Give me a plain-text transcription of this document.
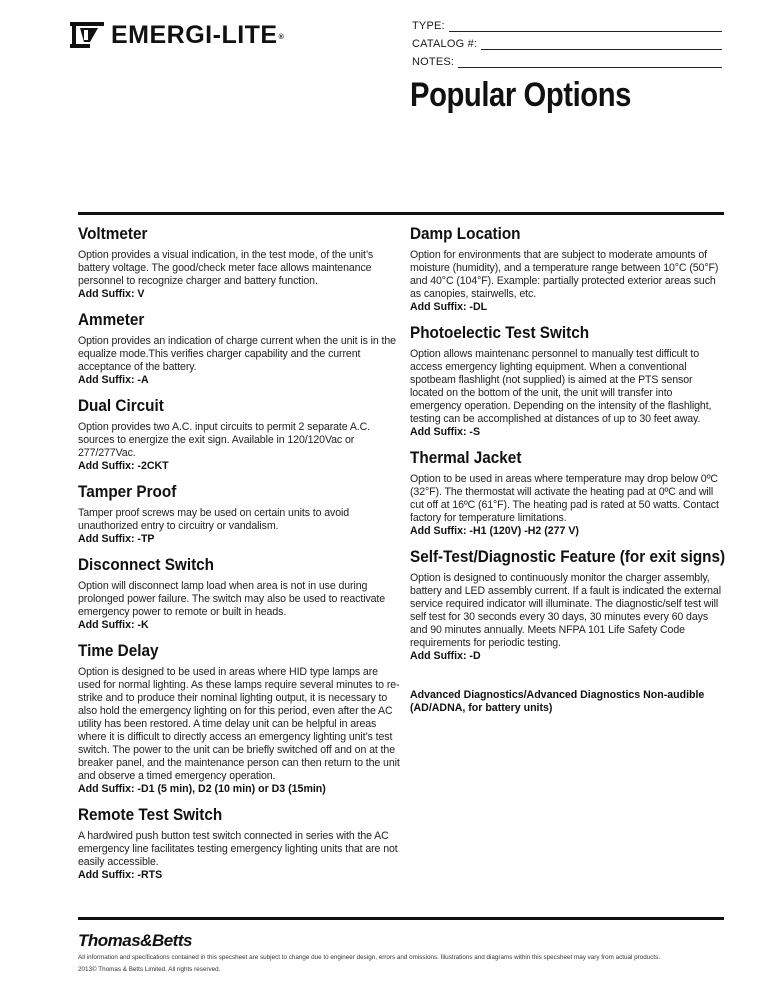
EMERGI-LITE®
TYPE:
CATALOG #:
NOTES:
Popular Options
Voltmeter

Option provides a visual indication, in the test mode, of the unit’s battery voltage. The good/check meter face allows maintenance personnel to recognize charger and battery function.

Add Suffix: V

Ammeter

Option provides an indication of charge current when the unit is in the equalize mode.This verifies charger capability and the current acceptance of the battery.

Add Suffix: -A

Dual Circuit

Option provides two A.C. input circuits to permit 2 separate A.C. sources to energize the exit sign. Available in 120/120Vac or 277/277Vac.

Add Suffix: -2CKT

Tamper Proof

Tamper proof screws may be used on certain units to avoid unauthorized entry to circuitry or vandalism.

Add Suffix: -TP

Disconnect Switch

Option will disconnect lamp load when area is not in use during prolonged power failure. The switch may also be used to reactivate emergency power to remote or built in heads.

Add Suffix: -K

Time Delay

Option is designed to be used in areas where HID type lamps are used for normal lighting. As these lamps require several minutes to re-strike and to produce their nominal lighting output, it is necessary to also hold the emergency lighting on for this period, even after the AC utility has been restored. A time delay unit can be helpful in areas where it is difficult to directly access an emergency lighting unit’s test switch. The power to the unit can be briefly switched off and on at the breaker panel, and the maintenance person can then return to the unit and observe a timed emergency operation.

Add Suffix: -D1 (5 min), D2 (10 min) or D3 (15min)

Remote Test Switch

A hardwired push button test switch connected in series with the AC emergency line facilitates testing emergency lighting units that are not easily accessible.

Add Suffix: -RTS

Damp Location

Option for environments that are subject to moderate amounts of moisture (humidity), and a temperature range between 10°C (50°F) and 40°C (104°F). Example: partially protected exterior areas such as canopies, stairwells, etc.

Add Suffix: -DL

Photoelectic Test Switch

Option allows maintenanc personnel to manually test difficult to access emergency lighting equipment. When a conventional spotbeam flashlight (not supplied) is aimed at the PTS sensor located on the bottom of the unit, the unit will transfer into emergency operation. Depending on the intensity of the flashlight, testing can be accomplished at distances of up to 30 feet away.

Add Suffix: -S

Thermal Jacket

Option to be used in areas where temperature may drop below 0ºC (32°F). The thermostat will activate the heating pad at 0ºC and will cut off at 16ºC (61°F). The heating pad is rated at 50 watts. Contact factory for temperature limitations.

Add Suffix: -H1 (120V) -H2 (277 V)

Self-Test/Diagnostic Feature (for exit signs)

Option is designed to continuously monitor the charger assembly, battery and LED assembly current. If a fault is indicated the external service required indicator will illuminate. The diagnostic/self test will self test for 30 seconds every 30 days, 30 minutes every 60 days and 90 minutes annually. Meets NFPA 101 Life Safety Code requirements for periodic testing.

Add Suffix: -D

Advanced Diagnostics/Advanced Diagnostics Non-audible (AD/ADNA, for battery units)
Thomas&Betts
All information and specifications contained in this specsheet are subject to change due to engineer design, errors and omissions. Illustrations and diagrams within this specsheet may vary from actual products.
2013© Thomas & Betts Limited. All rights reserved.
